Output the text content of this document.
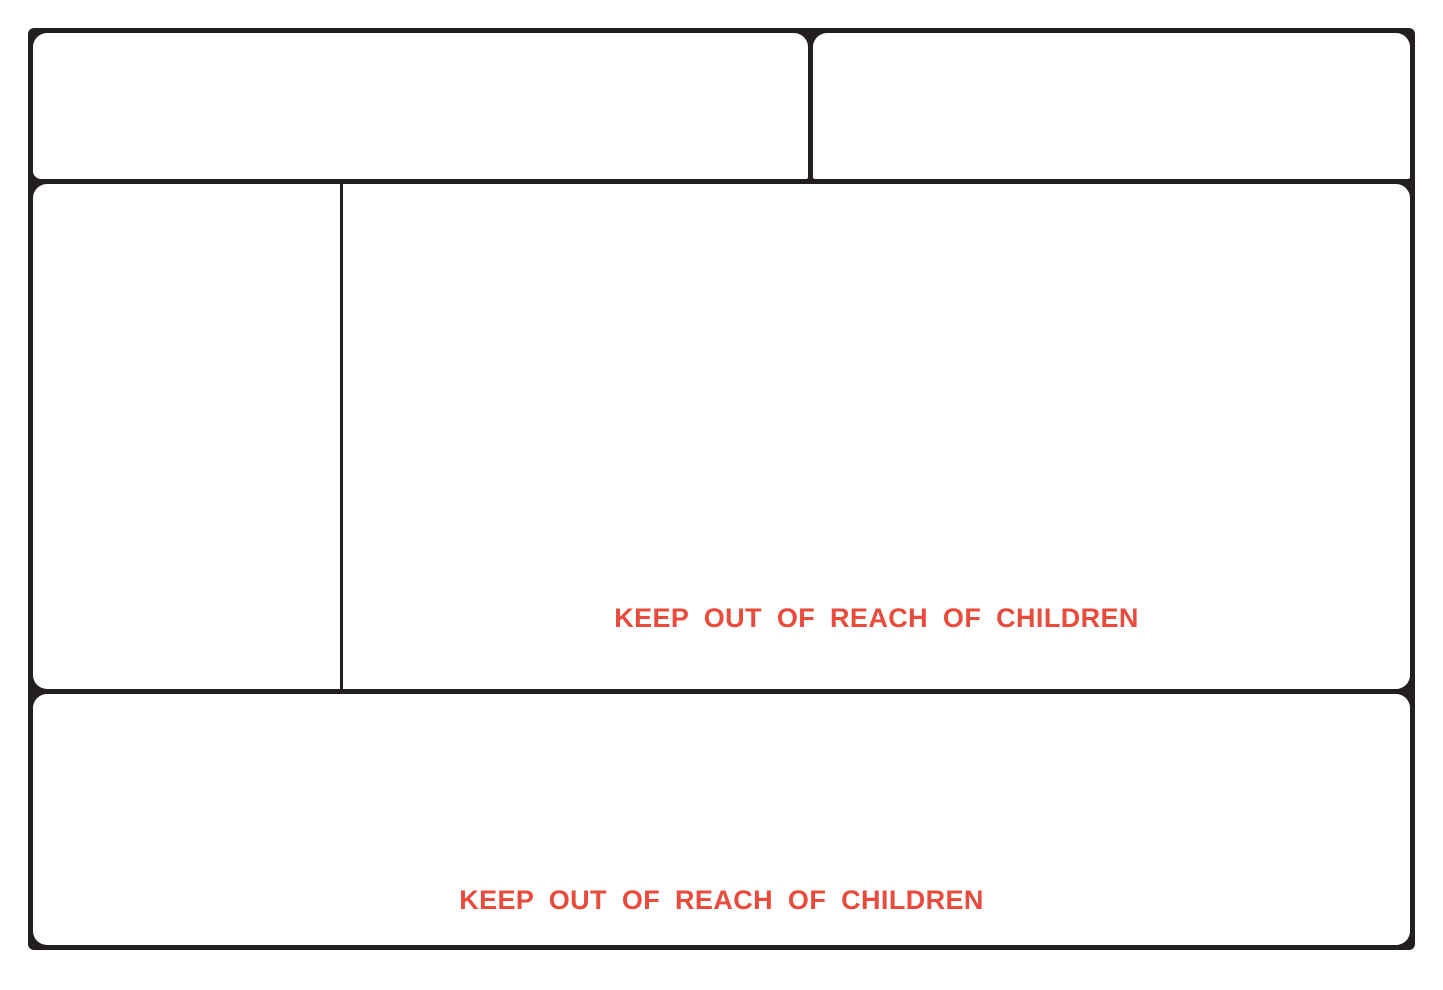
KEEP OUT OF REACH OF CHILDREN
KEEP OUT OF REACH OF CHILDREN
